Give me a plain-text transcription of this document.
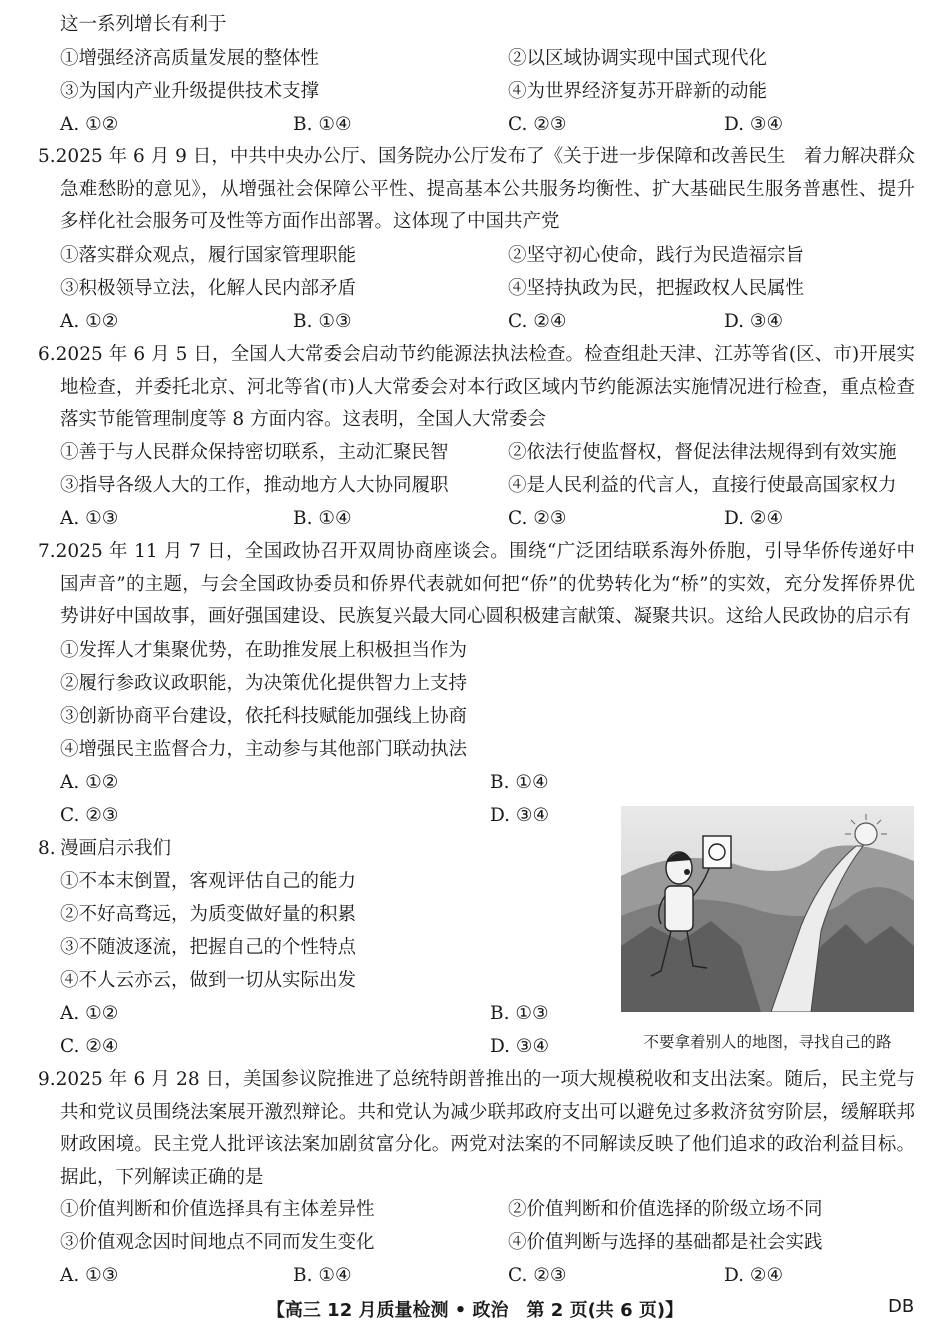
这一系列增长有利于
①增强经济高质量发展的整体性	②以区域协调实现中国式现代化
③为国内产业升级提供技术支撑	④为世界经济复苏开辟新的动能
A. ①②	B. ①④	C. ②③	D. ③④
5.2025 年 6 月 9 日，中共中央办公厅、国务院办公厅发布了《关于进一步保障和改善民生　着力解决群众急难愁盼的意见》，从增强社会保障公平性、提高基本公共服务均衡性、扩大基础民生服务普惠性、提升多样化社会服务可及性等方面作出部署。这体现了中国共产党
①落实群众观点，履行国家管理职能	②坚守初心使命，践行为民造福宗旨
③积极领导立法，化解人民内部矛盾	④坚持执政为民，把握政权人民属性
A. ①②	B. ①③	C. ②④	D. ③④
6.2025 年 6 月 5 日，全国人大常委会启动节约能源法执法检查。检查组赴天津、江苏等省(区、市)开展实地检查，并委托北京、河北等省(市)人大常委会对本行政区域内节约能源法实施情况进行检查，重点检查落实节能管理制度等 8 方面内容。这表明，全国人大常委会
①善于与人民群众保持密切联系，主动汇聚民智	②依法行使监督权，督促法律法规得到有效实施
③指导各级人大的工作，推动地方人大协同履职	④是人民利益的代言人，直接行使最高国家权力
A. ①③	B. ①④	C. ②③	D. ②④
7.2025 年 11 月 7 日，全国政协召开双周协商座谈会。围绕“广泛团结联系海外侨胞，引导华侨传递好中国声音”的主题，与会全国政协委员和侨界代表就如何把“侨”的优势转化为“桥”的实效，充分发挥侨界优势讲好中国故事，画好强国建设、民族复兴最大同心圆积极建言献策、凝聚共识。这给人民政协的启示有
①发挥人才集聚优势，在助推发展上积极担当作为
②履行参政议政职能，为决策优化提供智力上支持
③创新协商平台建设，依托科技赋能加强线上协商
④增强民主监督合力，主动参与其他部门联动执法
A. ①②	B. ①④
C. ②③	D. ③④
8. 漫画启示我们
①不本末倒置，客观评估自己的能力
②不好高骛远，为质变做好量的积累
③不随波逐流，把握自己的个性特点
④不人云亦云，做到一切从实际出发
A. ①②	B. ①③
C. ②④	D. ③④	不要拿着别人的地图，寻找自己的路
9.2025 年 6 月 28 日，美国参议院推进了总统特朗普推出的一项大规模税收和支出法案。随后，民主党与共和党议员围绕法案展开激烈辩论。共和党认为减少联邦政府支出可以避免过多救济贫穷阶层，缓解联邦财政困境。民主党人批评该法案加剧贫富分化。两党对法案的不同解读反映了他们追求的政治利益目标。据此，下列解读正确的是
①价值判断和价值选择具有主体差异性	②价值判断和价值选择的阶级立场不同
③价值观念因时间地点不同而发生变化	④价值判断与选择的基础都是社会实践
A. ①③	B. ①④	C. ②③	D. ②④
【高三 12 月质量检测 • 政治　第 2 页(共 6 页)】	DB
